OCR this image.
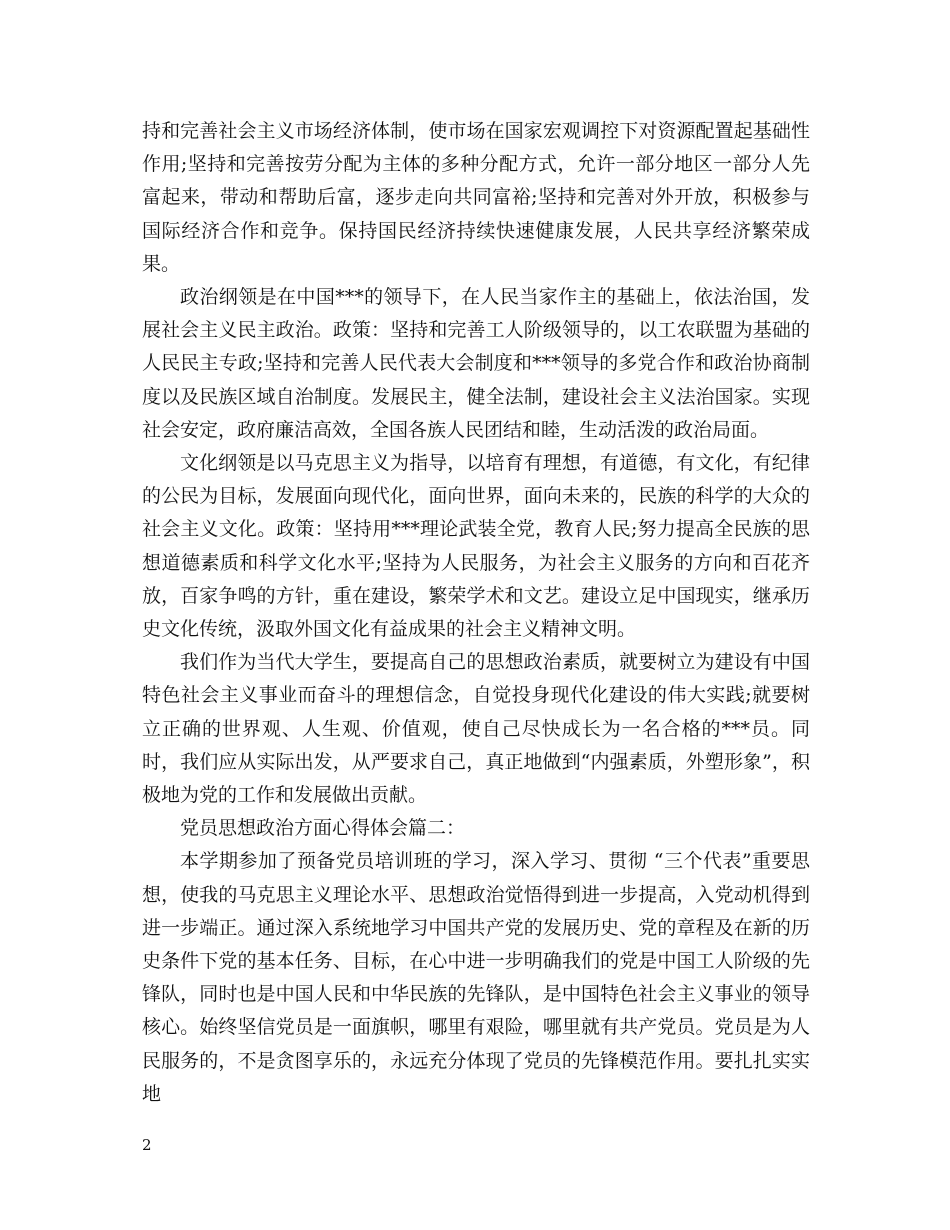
持和完善社会主义市场经济体制，使市场在国家宏观调控下对资源配置起基础性作用;坚持和完善按劳分配为主体的多种分配方式，允许一部分地区一部分人先富起来，带动和帮助后富，逐步走向共同富裕;坚持和完善对外开放，积极参与国际经济合作和竞争。保持国民经济持续快速健康发展，人民共享经济繁荣成果。

政治纲领是在中国***的领导下，在人民当家作主的基础上，依法治国，发展社会主义民主政治。政策：坚持和完善工人阶级领导的，以工农联盟为基础的人民民主专政;坚持和完善人民代表大会制度和***领导的多党合作和政治协商制度以及民族区域自治制度。发展民主，健全法制，建设社会主义法治国家。实现社会安定，政府廉洁高效，全国各族人民团结和睦，生动活泼的政治局面。

文化纲领是以马克思主义为指导，以培育有理想，有道德，有文化，有纪律的公民为目标，发展面向现代化，面向世界，面向未来的，民族的科学的大众的社会主义文化。政策：坚持用***理论武装全党，教育人民;努力提高全民族的思想道德素质和科学文化水平;坚持为人民服务，为社会主义服务的方向和百花齐放，百家争鸣的方针，重在建设，繁荣学术和文艺。建设立足中国现实，继承历史文化传统，汲取外国文化有益成果的社会主义精神文明。

我们作为当代大学生，要提高自己的思想政治素质，就要树立为建设有中国特色社会主义事业而奋斗的理想信念，自觉投身现代化建设的伟大实践;就要树立正确的世界观、人生观、价值观，使自己尽快成长为一名合格的***员。同时，我们应从实际出发，从严要求自己，真正地做到“内强素质，外塑形象”，积极地为党的工作和发展做出贡献。

党员思想政治方面心得体会篇二：

本学期参加了预备党员培训班的学习，深入学习、贯彻 “三个代表”重要思想，使我的马克思主义理论水平、思想政治觉悟得到进一步提高，入党动机得到进一步端正。通过深入系统地学习中国共产党的发展历史、党的章程及在新的历史条件下党的基本任务、目标，在心中进一步明确我们的党是中国工人阶级的先锋队，同时也是中国人民和中华民族的先锋队，是中国特色社会主义事业的领导核心。始终坚信党员是一面旗帜，哪里有艰险，哪里就有共产党员。党员是为人民服务的，不是贪图享乐的，永远充分体现了党员的先锋模范作用。要扎扎实实地

2
